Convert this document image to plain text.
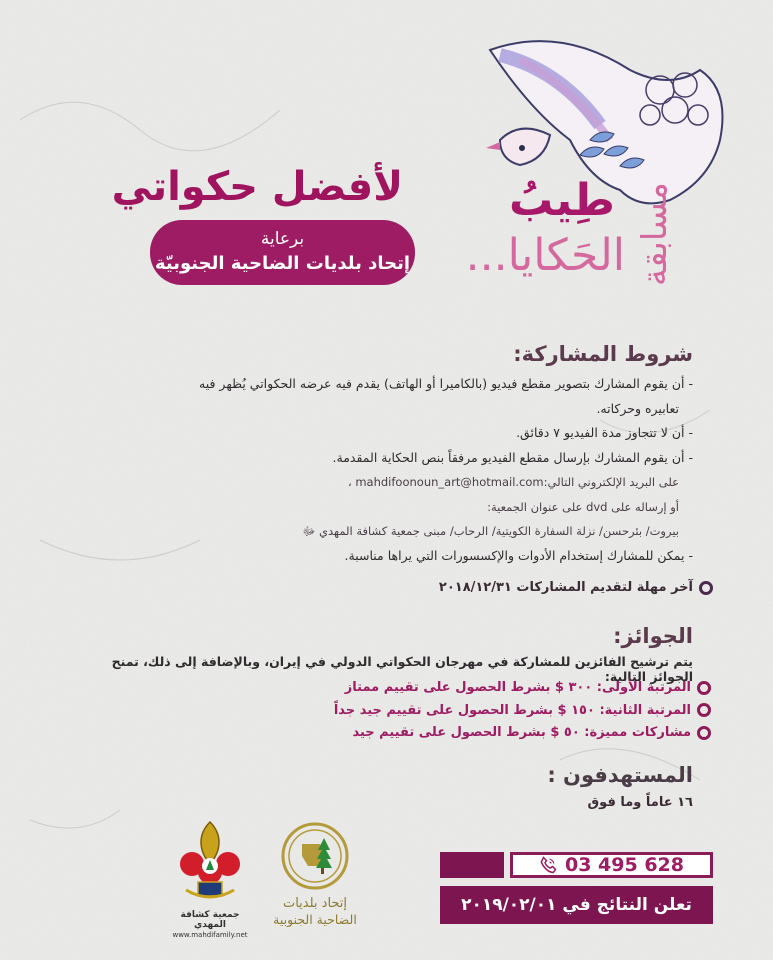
مسابقة
طِيبُ
الحَكايا...
لأفضل حكواتي
برعاية
إتحاد بلديات الضاحية الجنوبيّة
شروط المشاركة:
- أن يقوم المشارك بتصوير مقطع فيديو (بالكاميرا أو الهاتف) يقدم فيه عرضه الحكواتي يُظهر فيه
تعابيره وحركاته.
- أن لا تتجاوز مدة الفيديو ٧ دقائق.
- أن يقوم المشارك بإرسال مقطع الفيديو مرفقاً بنص الحكاية المقدمة.
على البريد الإلكتروني التالي:mahdifoonoun_art@hotmail.com ،
أو إرساله على dvd على عنوان الجمعية:
بيروت/ بئرحسن/ نزلة السفارة الكويتية/ الرحاب/ مبنى جمعية كشافة المهدي ﷻ
- يمكن للمشارك إستخدام الأدوات والإكسسورات التي يراها مناسبة.
آخر مهلة لتقديم المشاركات ٢٠١٨/١٢/٣١
الجوائز:
يتم ترشيح الفائزين للمشاركة في مهرجان الحكواتي الدولي في إيران، وبالإضافة إلى ذلك، تمنح الجوائز التالية:
المرتبة الأولى: ٣٠٠ $ بشرط الحصول على تقييم ممتاز
المرتبة الثانية: ١٥٠ $ بشرط الحصول على تقييم جيد جداً
مشاركات مميزة: ٥٠ $ بشرط الحصول على تقييم جيد
المستهدفون :
١٦ عاماً وما فوق
جمعية كشافة المهدي
www.mahdifamily.net
إتحاد بلديات
الضاحية الجنوبية
03 495 628
تعلن النتائج في ٢٠١٩/٠٢/٠١
